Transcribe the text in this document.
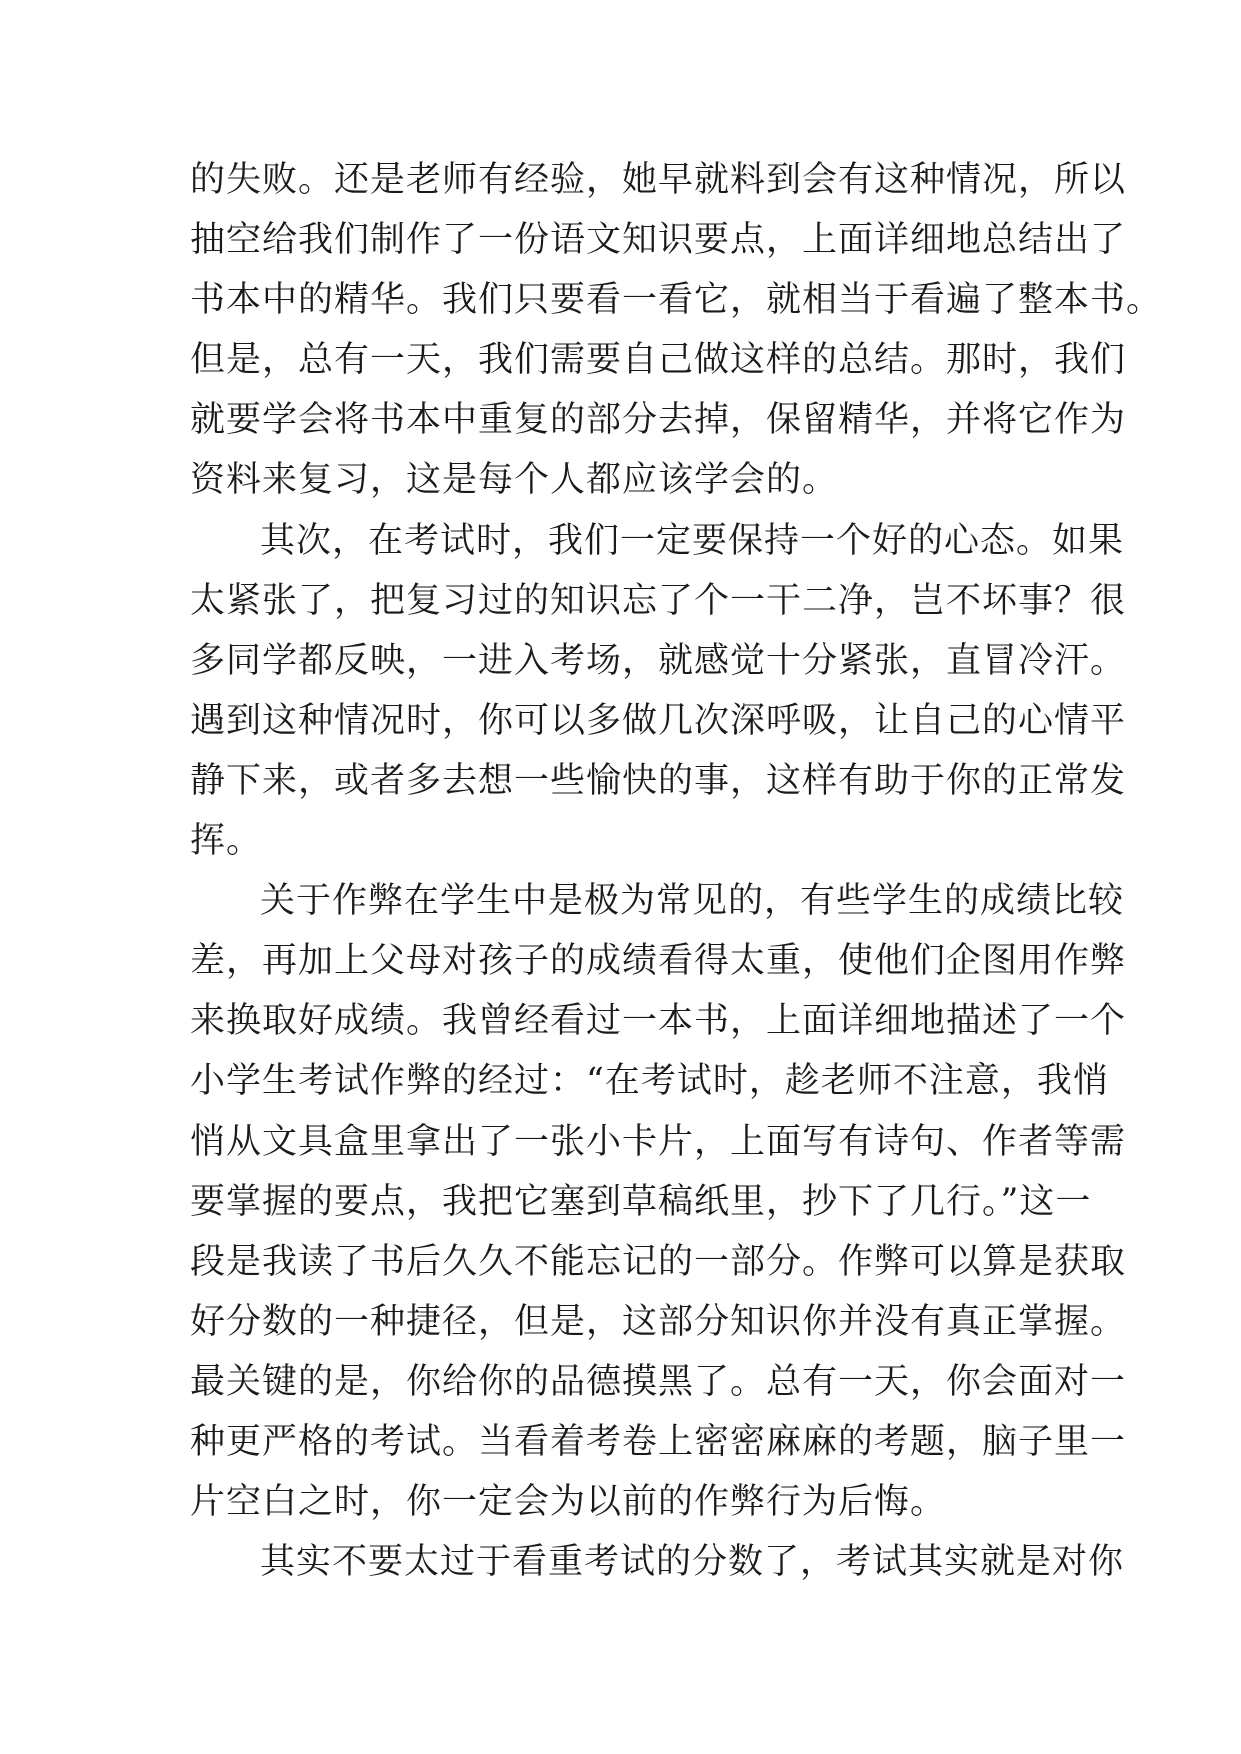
的失败。还是老师有经验，她早就料到会有这种情况，所以
抽空给我们制作了一份语文知识要点，上面详细地总结出了
书本中的精华。我们只要看一看它，就相当于看遍了整本书。
但是，总有一天，我们需要自己做这样的总结。那时，我们
就要学会将书本中重复的部分去掉，保留精华，并将它作为
资料来复习，这是每个人都应该学会的。
其次，在考试时，我们一定要保持一个好的心态。如果
太紧张了，把复习过的知识忘了个一干二净，岂不坏事？很
多同学都反映，一进入考场，就感觉十分紧张，直冒冷汗。
遇到这种情况时，你可以多做几次深呼吸，让自己的心情平
静下来，或者多去想一些愉快的事，这样有助于你的正常发
挥。
关于作弊在学生中是极为常见的，有些学生的成绩比较
差，再加上父母对孩子的成绩看得太重，使他们企图用作弊
来换取好成绩。我曾经看过一本书，上面详细地描述了一个
小学生考试作弊的经过：“在考试时，趁老师不注意，我悄
悄从文具盒里拿出了一张小卡片，上面写有诗句、作者等需
要掌握的要点，我把它塞到草稿纸里，抄下了几行。”这一
段是我读了书后久久不能忘记的一部分。作弊可以算是获取
好分数的一种捷径，但是，这部分知识你并没有真正掌握。
最关键的是，你给你的品德摸黑了。总有一天，你会面对一
种更严格的考试。当看着考卷上密密麻麻的考题，脑子里一
片空白之时，你一定会为以前的作弊行为后悔。
其实不要太过于看重考试的分数了，考试其实就是对你
